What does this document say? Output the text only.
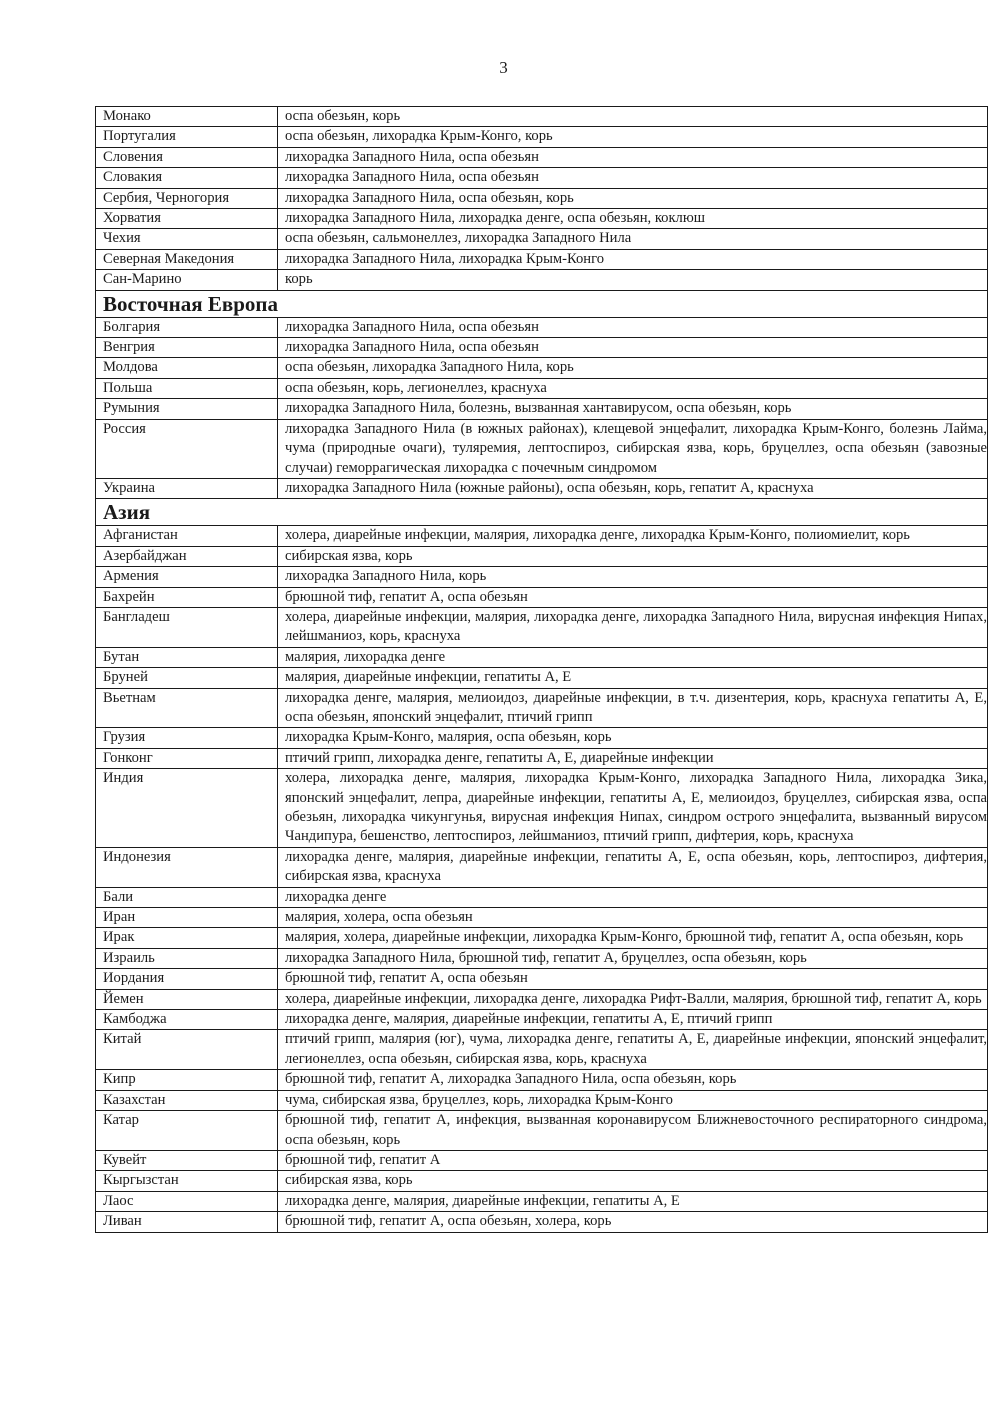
3
Монако	оспа обезьян, корь
Португалия	оспа обезьян, лихорадка Крым-Конго, корь
Словения	лихорадка Западного Нила, оспа обезьян
Словакия	лихорадка Западного Нила, оспа обезьян
Сербия, Черногория	лихорадка Западного Нила, оспа обезьян, корь
Хорватия	лихорадка Западного Нила, лихорадка денге, оспа обезьян, коклюш
Чехия	оспа обезьян, сальмонеллез, лихорадка Западного Нила
Северная Македония	лихорадка Западного Нила, лихорадка Крым-Конго
Сан-Марино	корь
Восточная Европа	
Болгария	лихорадка Западного Нила, оспа обезьян
Венгрия	лихорадка Западного Нила, оспа обезьян
Молдова	оспа обезьян, лихорадка Западного Нила, корь
Польша	оспа обезьян, корь, легионеллез, краснуха
Румыния	лихорадка Западного Нила, болезнь, вызванная хантавирусом, оспа обезьян, корь
Россия	лихорадка Западного Нила (в южных районах), клещевой энцефалит, лихорадка Крым-Конго, болезнь Лайма, чума (природные очаги), туляремия, лептоспироз, сибирская язва, корь, бруцеллез, оспа обезьян (завозные случаи) геморрагическая лихорадка с почечным синдромом
Украина	лихорадка Западного Нила (южные районы), оспа обезьян, корь, гепатит А, краснуха
Азия	
Афганистан	холера, диарейные инфекции, малярия, лихорадка денге, лихорадка Крым-Конго, полиомиелит, корь
Азербайджан	сибирская язва, корь
Армения	лихорадка Западного Нила, корь
Бахрейн	брюшной тиф, гепатит А, оспа обезьян
Бангладеш	холера, диарейные инфекции, малярия, лихорадка денге, лихорадка Западного Нила, вирусная инфекция Нипах, лейшманиоз, корь, краснуха
Бутан	малярия, лихорадка денге
Бруней	малярия, диарейные инфекции, гепатиты А, Е
Вьетнам	лихорадка денге, малярия, мелиоидоз, диарейные инфекции, в т.ч. дизентерия, корь, краснуха гепатиты А, Е, оспа обезьян, японский энцефалит, птичий грипп
Грузия	лихорадка Крым-Конго, малярия, оспа обезьян, корь
Гонконг	птичий грипп, лихорадка денге, гепатиты А, Е, диарейные инфекции
Индия	холера, лихорадка денге, малярия, лихорадка Крым-Конго, лихорадка Западного Нила, лихорадка Зика, японский энцефалит, лепра, диарейные инфекции, гепатиты А, Е, мелиоидоз, бруцеллез, сибирская язва, оспа обезьян, лихорадка чикунгунья, вирусная инфекция Нипах, синдром острого энцефалита, вызванный вирусом Чандипура, бешенство, лептоспироз, лейшманиоз, птичий грипп, дифтерия, корь, краснуха
Индонезия	лихорадка денге, малярия, диарейные инфекции, гепатиты А, Е, оспа обезьян, корь, лептоспироз, дифтерия, сибирская язва, краснуха
Бали	лихорадка денге
Иран	малярия, холера, оспа обезьян
Ирак	малярия, холера, диарейные инфекции, лихорадка Крым-Конго, брюшной тиф, гепатит А, оспа обезьян, корь
Израиль	лихорадка Западного Нила, брюшной тиф, гепатит А, бруцеллез, оспа обезьян, корь
Иордания	брюшной тиф, гепатит А, оспа обезьян
Йемен	холера, диарейные инфекции, лихорадка денге, лихорадка Рифт-Валли, малярия, брюшной тиф, гепатит А, корь
Камбоджа	лихорадка денге, малярия, диарейные инфекции, гепатиты А, Е, птичий грипп
Китай	птичий грипп, малярия (юг), чума, лихорадка денге, гепатиты А, Е, диарейные инфекции, японский энцефалит, легионеллез, оспа обезьян, сибирская язва, корь, краснуха
Кипр	брюшной тиф, гепатит А, лихорадка Западного Нила, оспа обезьян, корь
Казахстан	чума, сибирская язва, бруцеллез, корь, лихорадка Крым-Конго
Катар	брюшной тиф, гепатит А, инфекция, вызванная коронавирусом Ближневосточного респираторного синдрома, оспа обезьян, корь
Кувейт	брюшной тиф, гепатит А
Кыргызстан	сибирская язва, корь
Лаос	лихорадка денге, малярия, диарейные инфекции, гепатиты А, Е
Ливан	брюшной тиф, гепатит А, оспа обезьян, холера, корь
